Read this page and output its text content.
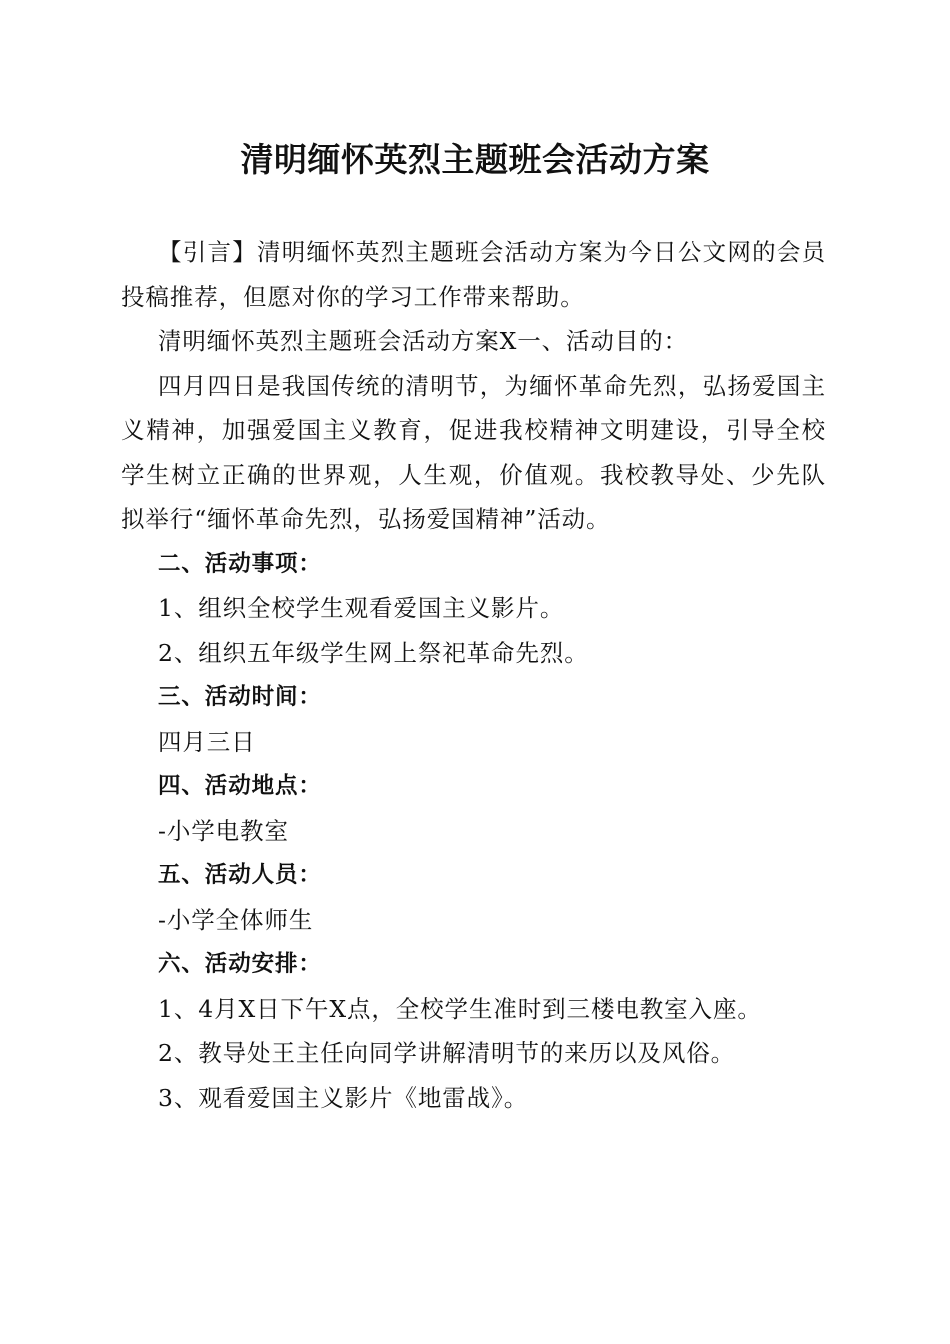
清明缅怀英烈主题班会活动方案

【引言】清明缅怀英烈主题班会活动方案为今日公文网的会员投稿推荐，但愿对你的学习工作带来帮助。

清明缅怀英烈主题班会活动方案X一、活动目的：

四月四日是我国传统的清明节，为缅怀革命先烈，弘扬爱国主义精神，加强爱国主义教育，促进我校精神文明建设，引导全校学生树立正确的世界观，人生观，价值观。我校教导处、少先队拟举行“缅怀革命先烈，弘扬爱国精神”活动。

二、活动事项：

1、组织全校学生观看爱国主义影片。

2、组织五年级学生网上祭祀革命先烈。

三、活动时间：

四月三日

四、活动地点：

-小学电教室

五、活动人员：

-小学全体师生

六、活动安排：

1、4月X日下午X点，全校学生准时到三楼电教室入座。

2、教导处王主任向同学讲解清明节的来历以及风俗。

3、观看爱国主义影片《地雷战》。
